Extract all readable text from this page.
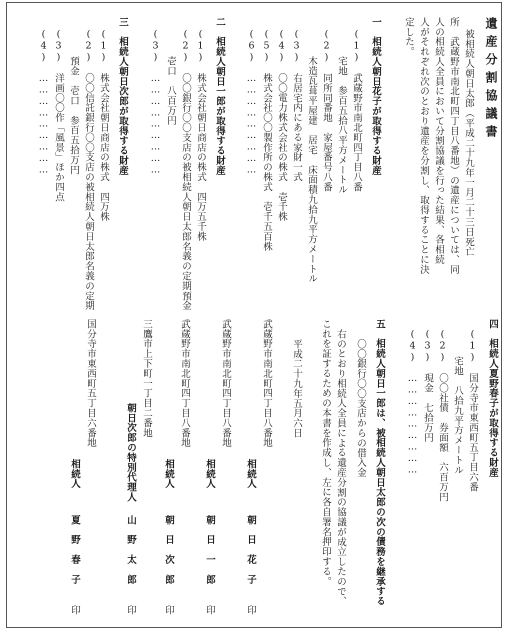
遺産分割協議書
被相続人朝日太郎（平成二十九年一月二十三日死亡
所　武蔵野市南北町四丁目八番地）の遺産については、同
人の相続人全員において分割協議を行った結果、各相続
人がそれぞれ次のとおり遺産を分割し、取得することに決
定した。
一　相続人朝日花子が取得する財産
(1)　武蔵野市南北町四丁目八番
宅地　参百五拾八平方メートル
(2)　同所同番地　家屋番号八番
木造瓦葺平屋建　居宅　床面積九拾九平方メートル
(3)　右居宅内にある家財一式
(4)　〇〇電力株式会社の株式　壱千株
(5)　株式会社〇〇製作所の株式　壱千五百株
(6)　………………………
二　相続人朝日一郎が取得する財産
(1)　株式会社朝日商店の株式　四万五千株
(2)　〇〇銀行〇〇支店の被相続人朝日太郎名義の定期預金
壱口　八百万円
(3)　………………………
三　相続人朝日次郎が取得する財産
(1)　株式会社朝日商店の株式　四万株
(2)　〇〇信託銀行〇〇支店の被相続人朝日太郎名義の定期
預金　壱口　参百五拾万円
(3)　洋画〇〇作「風景」ほか四点
(4)　………………………
四　相続人夏野春子が取得する財産
(1)　国分寺市東西町五丁目六番
宅地　八拾九平方メートル
(2)　〇〇社債　券面額　六百万円
(3)　現金　七拾万円
(4)　………………………
五　相続人朝日一郎は、被相続人朝日太郎の次の債務を継承する
〇〇銀行〇〇支店からの借入金
右のとおり相続人全員による遺産分割の協議が成立したので、
これを証するための本書を作成し、左に各自署名押印する。
平成二十九年五月六日
武蔵野市南北町四丁目八番地
相続人
朝　日　花　子
印
武蔵野市南北町四丁目八番地
相続人
朝　日　一　郎
印
武蔵野市南北町四丁目八番地
相続人
朝　日　次　郎
印
三鷹市上下町一丁目二番地
朝日次郎の特別代理人
山　野　太　郎
印
国分寺市東西町五丁目六番地
相続人
夏　野　春　子
印
